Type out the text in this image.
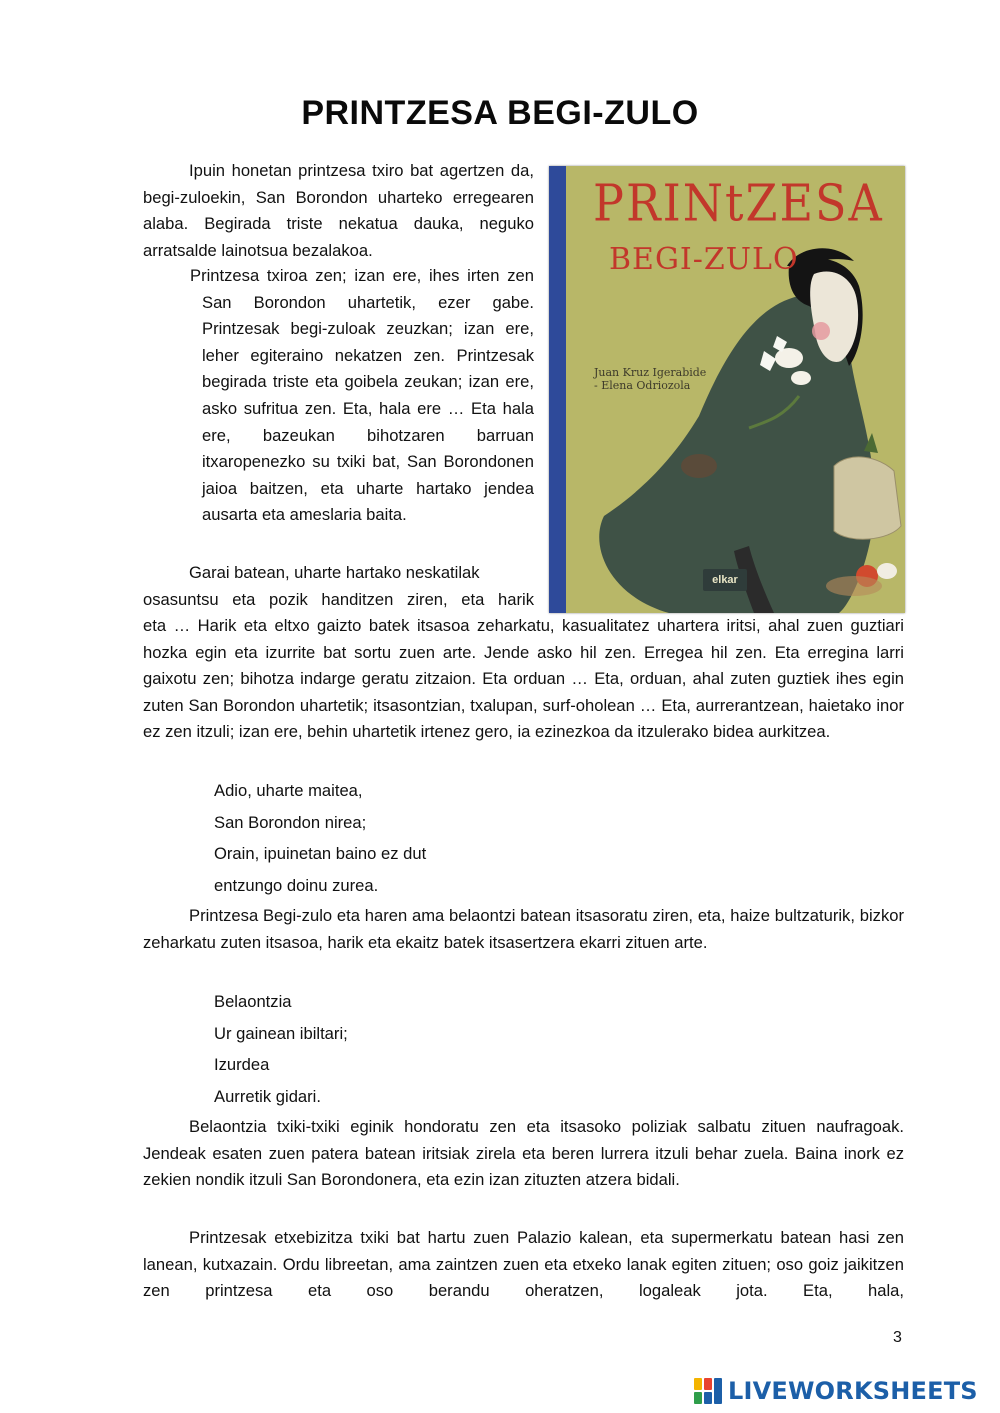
PRINTZESA BEGI-ZULO
PRINtZESA
BEGI-ZULO
Juan Kruz Igerabide
- Elena Odriozola
elkar

Ipuin honetan printzesa txiro bat agertzen da, begi-zuloekin, San Borondon uharteko erregearen alaba. Begirada triste nekatua dauka, neguko arratsalde lainotsua bezalakoa.

Printzesa txiroa zen; izan ere, ihes irten zen San Borondon uhartetik, ezer gabe. Printzesak begi-zuloak zeuzkan; izan ere, leher egiteraino nekatzen zen. Printzesak begirada triste eta goibela zeukan; izan ere, asko sufritua zen. Eta, hala ere … Eta hala ere, bazeukan bihotzaren barruan itxaropenezko su txiki bat, San Borondonen jaioa baitzen, eta uharte hartako jendea ausarta eta ameslaria baita.

Garai batean, uharte hartako neskatilak

osasuntsu eta pozik handitzen ziren, eta harik

eta … Harik eta eltxo gaizto batek itsasoa zeharkatu, kasualitatez uhartera iritsi, ahal zuen guztiari hozka egin eta izurrite bat sortu zuen arte. Jende asko hil zen. Erregea hil zen. Eta erregina larri gaixotu zen; bihotza indarge geratu zitzaion. Eta orduan … Eta, orduan, ahal zuten guztiek ihes egin zuten San Borondon uhartetik; itsasontzian, txalupan, surf-oholean … Eta, aurrerantzean, haietako inor ez zen itzuli; izan ere, behin uhartetik irtenez gero, ia ezinezkoa da itzulerako bidea aurkitzea.

Adio, uharte maitea,
San Borondon nirea;
Orain, ipuinetan baino ez dut
entzungo doinu zurea.

Printzesa Begi-zulo eta haren ama belaontzi batean itsasoratu ziren, eta, haize bultzaturik, bizkor zeharkatu zuten itsasoa, harik eta ekaitz batek itsasertzera ekarri zituen arte.

Belaontzia
Ur gainean ibiltari;
Izurdea
Aurretik gidari.

Belaontzia txiki-txiki eginik hondoratu zen eta itsasoko poliziak salbatu zituen naufragoak. Jendeak esaten zuen patera batean iritsiak zirela eta beren lurrera itzuli behar zuela. Baina inork ez zekien nondik itzuli San Borondonera, eta ezin izan zituzten atzera bidali.

Printzesak etxebizitza txiki bat hartu zuen Palazio kalean, eta supermerkatu batean hasi zen lanean, kutxazain. Ordu libreetan, ama zaintzen zuen eta etxeko lanak egiten zituen; oso goiz jaikitzen zen printzesa eta oso berandu oheratzen, logaleak jota. Eta, hala,

3
LIVEWORKSHEETS
